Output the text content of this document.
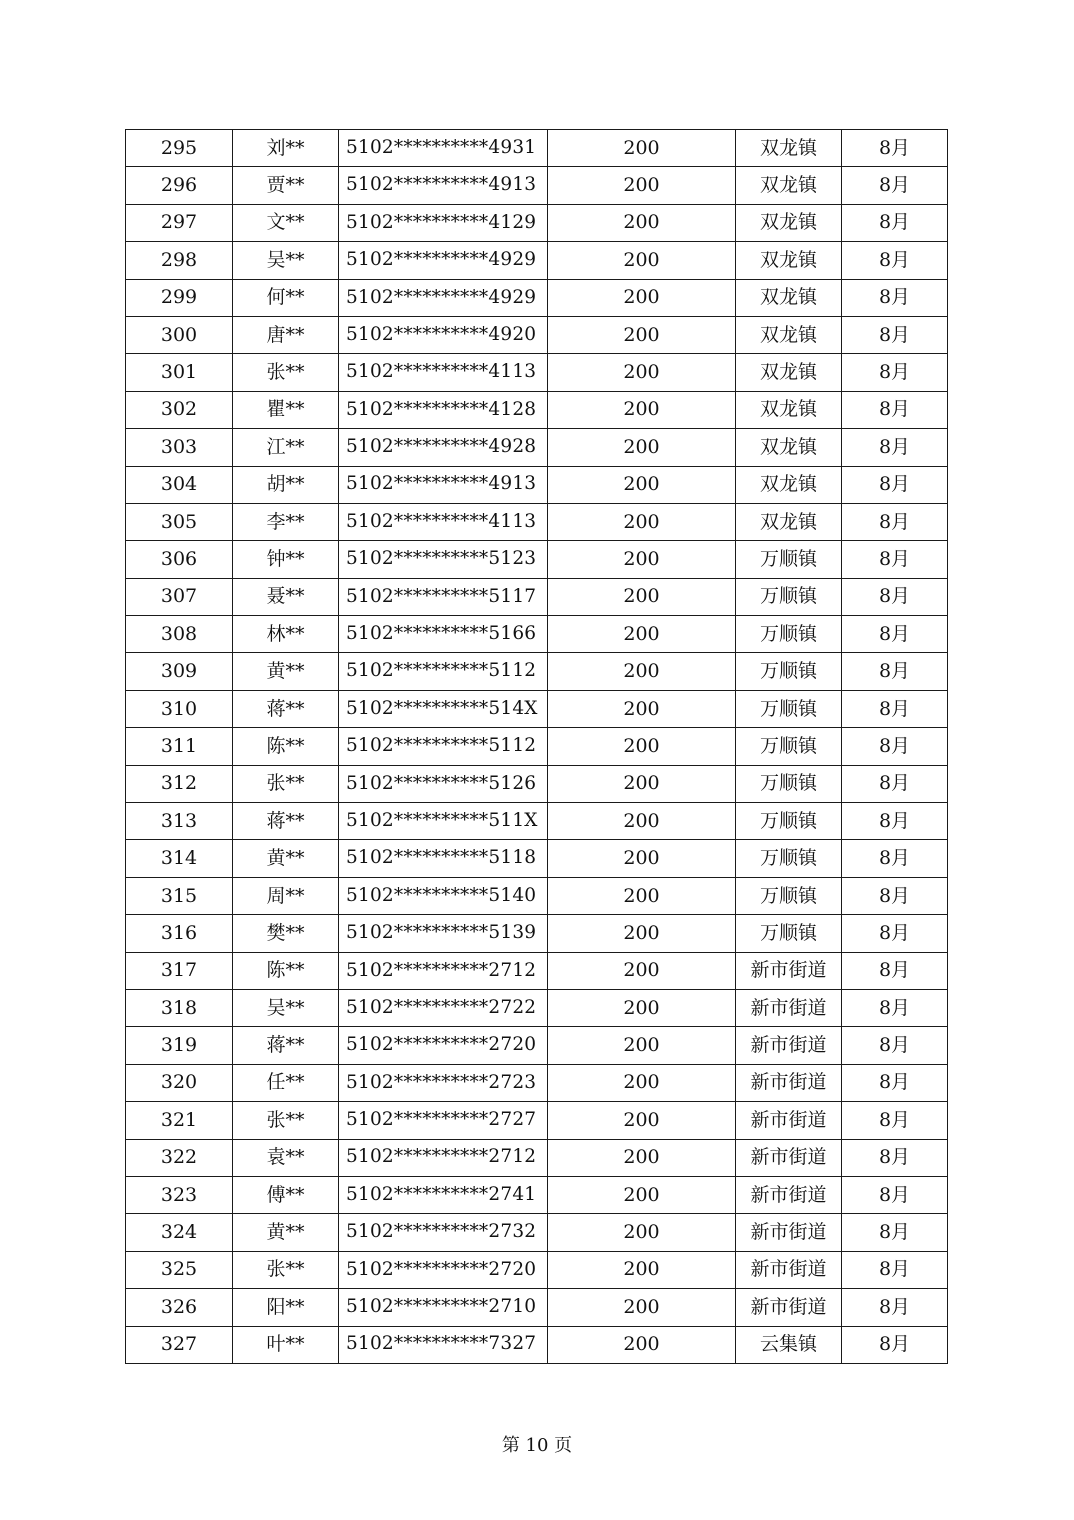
295	刘**	5102**********4931	200	双龙镇	8月
296	贾**	5102**********4913	200	双龙镇	8月
297	文**	5102**********4129	200	双龙镇	8月
298	吴**	5102**********4929	200	双龙镇	8月
299	何**	5102**********4929	200	双龙镇	8月
300	唐**	5102**********4920	200	双龙镇	8月
301	张**	5102**********4113	200	双龙镇	8月
302	瞿**	5102**********4128	200	双龙镇	8月
303	江**	5102**********4928	200	双龙镇	8月
304	胡**	5102**********4913	200	双龙镇	8月
305	李**	5102**********4113	200	双龙镇	8月
306	钟**	5102**********5123	200	万顺镇	8月
307	聂**	5102**********5117	200	万顺镇	8月
308	林**	5102**********5166	200	万顺镇	8月
309	黄**	5102**********5112	200	万顺镇	8月
310	蒋**	5102**********514X	200	万顺镇	8月
311	陈**	5102**********5112	200	万顺镇	8月
312	张**	5102**********5126	200	万顺镇	8月
313	蒋**	5102**********511X	200	万顺镇	8月
314	黄**	5102**********5118	200	万顺镇	8月
315	周**	5102**********5140	200	万顺镇	8月
316	樊**	5102**********5139	200	万顺镇	8月
317	陈**	5102**********2712	200	新市街道	8月
318	吴**	5102**********2722	200	新市街道	8月
319	蒋**	5102**********2720	200	新市街道	8月
320	任**	5102**********2723	200	新市街道	8月
321	张**	5102**********2727	200	新市街道	8月
322	袁**	5102**********2712	200	新市街道	8月
323	傅**	5102**********2741	200	新市街道	8月
324	黄**	5102**********2732	200	新市街道	8月
325	张**	5102**********2720	200	新市街道	8月
326	阳**	5102**********2710	200	新市街道	8月
327	叶**	5102**********7327	200	云集镇	8月
第 10 页
